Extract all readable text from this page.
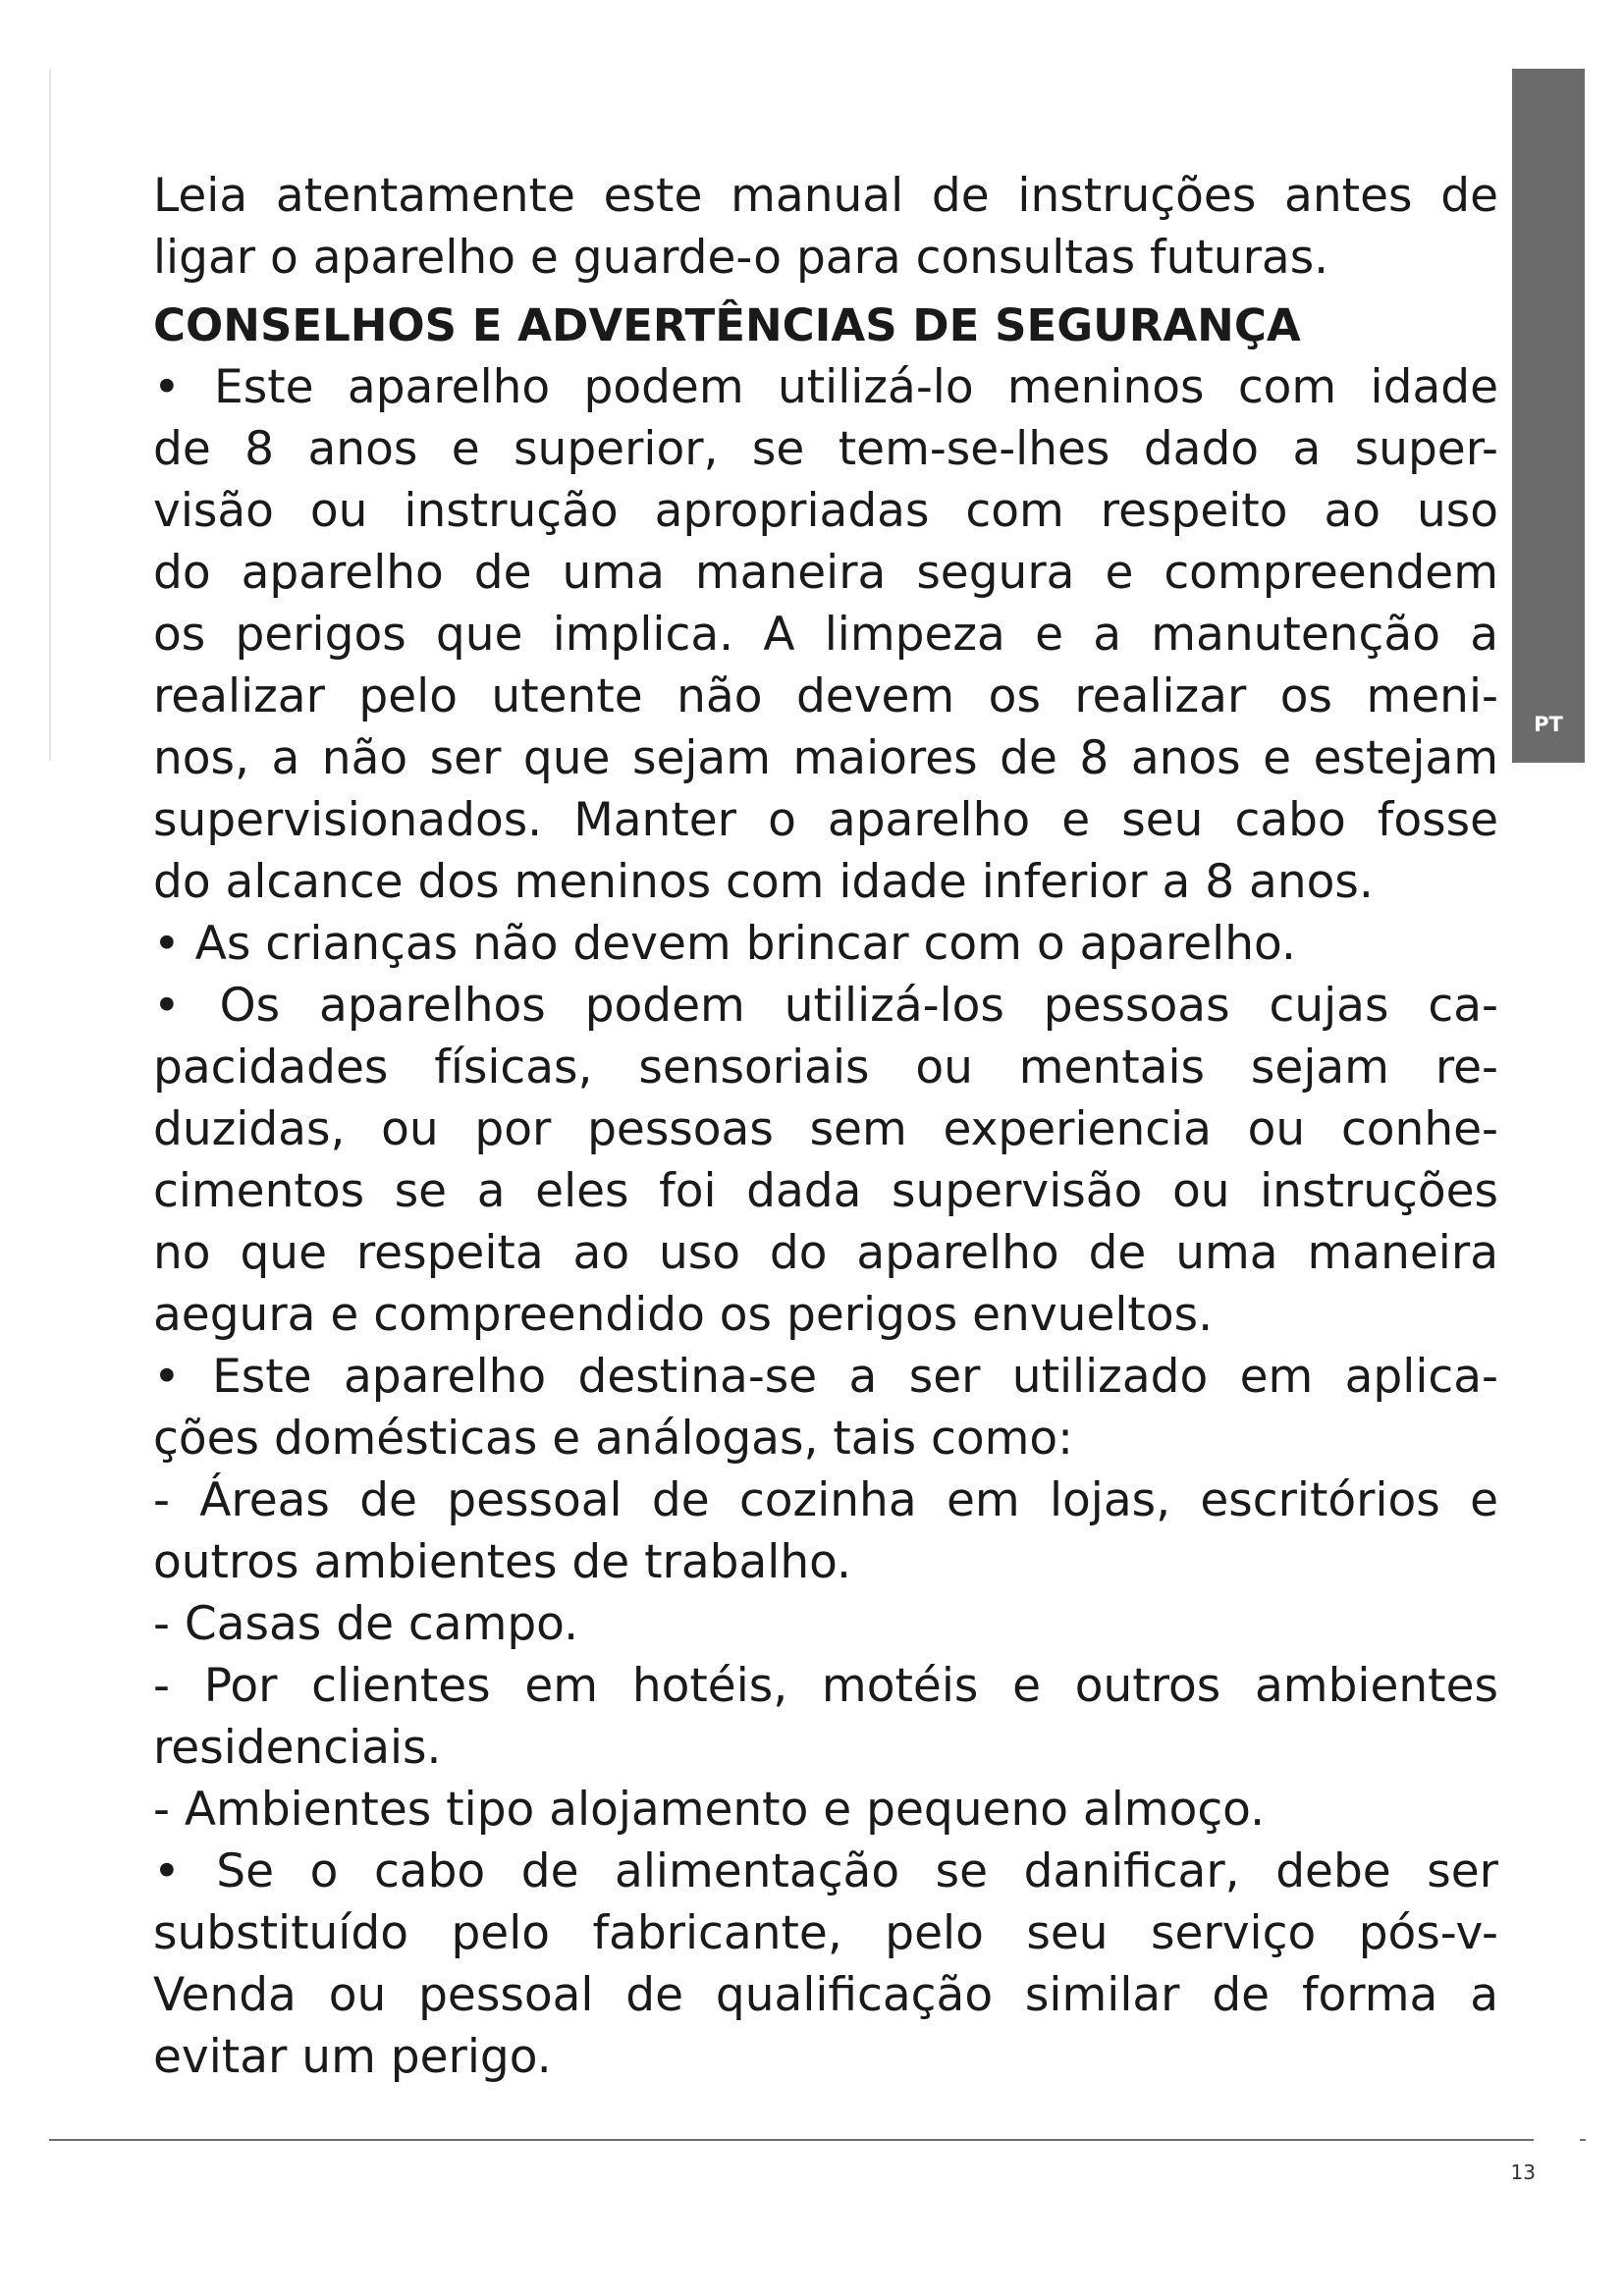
PT
Leia atentamente este manual de instruções antes de
ligar o aparelho e guarde-o para consultas futuras.
CONSELHOS E ADVERTÊNCIAS DE SEGURANÇA
• Este aparelho podem utilizá-lo meninos com idade
de 8 anos e superior, se tem-se-lhes dado a super-
visão ou instrução apropriadas com respeito ao uso
do aparelho de uma maneira segura e compreendem
os perigos que implica. A limpeza e a manutenção a
realizar pelo utente não devem os realizar os meni-
nos, a não ser que sejam maiores de 8 anos e estejam
supervisionados. Manter o aparelho e seu cabo fosse
do alcance dos meninos com idade inferior a 8 anos.
• As crianças não devem brincar com o aparelho.
• Os aparelhos podem utilizá-los pessoas cujas ca-
pacidades físicas, sensoriais ou mentais sejam re-
duzidas, ou por pessoas sem experiencia ou conhe-
cimentos se a eles foi dada supervisão ou instruções
no que respeita ao uso do aparelho de uma maneira
aegura e compreendido os perigos envueltos.
• Este aparelho destina-se a ser utilizado em aplica-
ções domésticas e análogas, tais como:
- Áreas de pessoal de cozinha em lojas, escritórios e
outros ambientes de trabalho.
- Casas de campo.
- Por clientes em hotéis, motéis e outros ambientes
residenciais.
- Ambientes tipo alojamento e pequeno almoço.
• Se o cabo de alimentação se danificar, debe ser
substituído pelo fabricante, pelo seu serviço pós-v-
Venda ou pessoal de qualificação similar de forma a
evitar um perigo.
13
